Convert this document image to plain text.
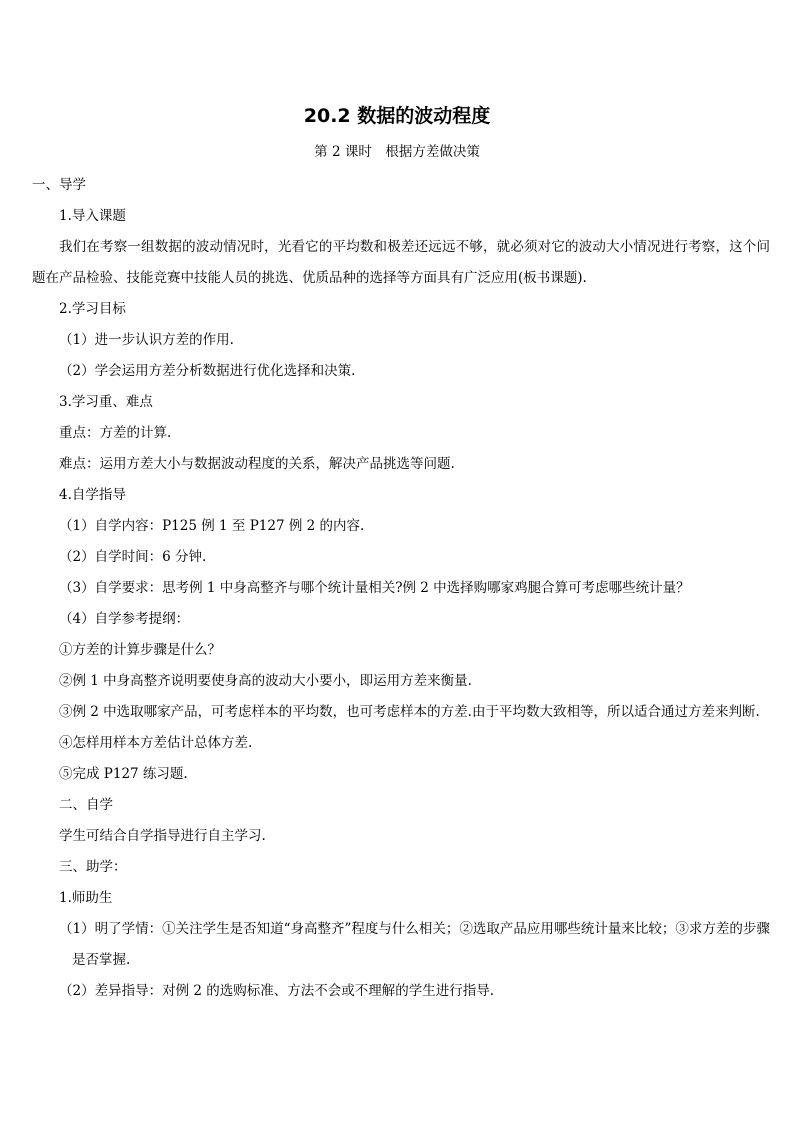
20.2 数据的波动程度

第 2 课时　根据方差做决策

一、导学

1.导入课题

我们在考察一组数据的波动情况时，光看它的平均数和极差还远远不够，就必须对它的波动大小情况进行考察，这个问题在产品检验、技能竞赛中技能人员的挑选、优质品种的选择等方面具有广泛应用(板书课题).

2.学习目标

（1）进一步认识方差的作用.

（2）学会运用方差分析数据进行优化选择和决策.

3.学习重、难点

重点：方差的计算.

难点：运用方差大小与数据波动程度的关系，解决产品挑选等问题.

4.自学指导

（1）自学内容：P125 例 1 至 P127 例 2 的内容.

（2）自学时间：6 分钟.

（3）自学要求：思考例 1 中身高整齐与哪个统计量相关?例 2 中选择购哪家鸡腿合算可考虑哪些统计量？

（4）自学参考提纲：

①方差的计算步骤是什么？

②例 1 中身高整齐说明要使身高的波动大小要小，即运用方差来衡量.

③例 2 中选取哪家产品，可考虑样本的平均数，也可考虑样本的方差.由于平均数大致相等，所以适合通过方差来判断.

④怎样用样本方差估计总体方差.

⑤完成 P127 练习题.

二、自学

学生可结合自学指导进行自主学习.

三、助学：

1.师助生

（1）明了学情：①关注学生是否知道“身高整齐”程度与什么相关；②选取产品应用哪些统计量来比较；③求方差的步骤是否掌握.

（2）差异指导：对例 2 的选购标准、方法不会或不理解的学生进行指导.
